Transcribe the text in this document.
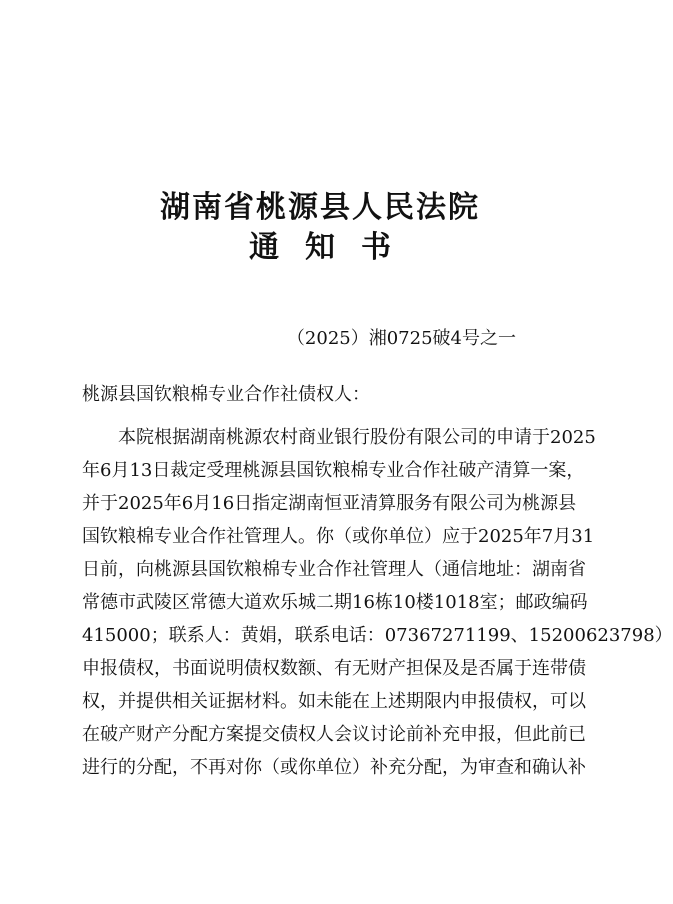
湖南省桃源县人民法院
通知书
（2025）湘0725破4号之一
桃源县国钦粮棉专业合作社债权人：
本院根据湖南桃源农村商业银行股份有限公司的申请于2025
年6月13日裁定受理桃源县国钦粮棉专业合作社破产清算一案，
并于2025年6月16日指定湖南恒亚清算服务有限公司为桃源县
国钦粮棉专业合作社管理人。你（或你单位）应于2025年7月31
日前，向桃源县国钦粮棉专业合作社管理人（通信地址：湖南省
常德市武陵区常德大道欢乐城二期16栋10楼1018室；邮政编码
415000；联系人：黄娟，联系电话：07367271199、15200623798）
申报债权，书面说明债权数额、有无财产担保及是否属于连带债
权，并提供相关证据材料。如未能在上述期限内申报债权，可以
在破产财产分配方案提交债权人会议讨论前补充申报，但此前已
进行的分配，不再对你（或你单位）补充分配，为审查和确认补
